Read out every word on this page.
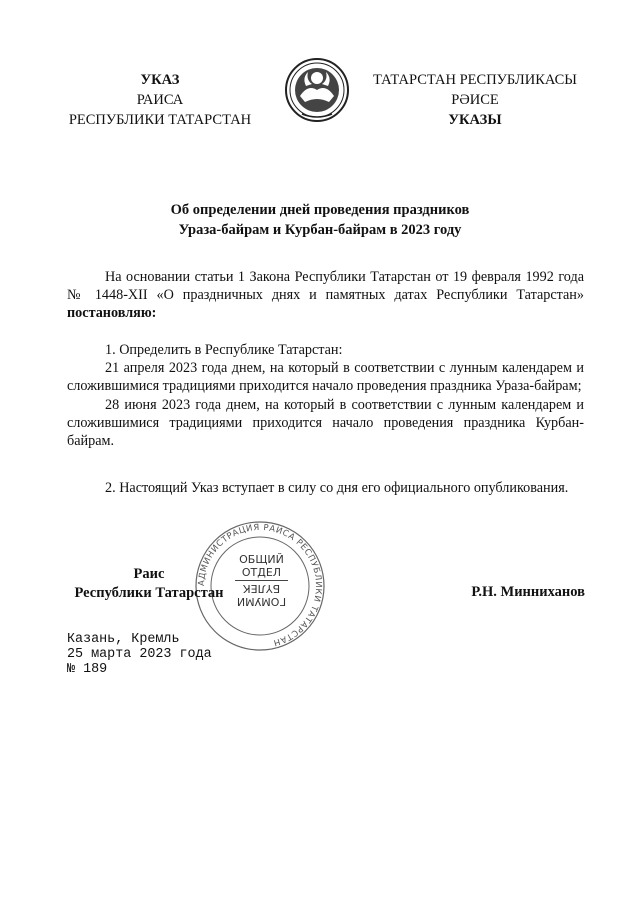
УКАЗ
РАИСА
РЕСПУБЛИКИ ТАТАРСТАН
ТАТАРСТАН РЕСПУБЛИКАСЫ
РӘИСЕ
УКАЗЫ
Об определении дней проведения праздников
Ураза-байрам и Курбан-байрам в 2023 году

На основании статьи 1 Закона Республики Татарстан от 19 февраля 1992 года № 1448-XII «О праздничных днях и памятных датах Республики Татарстан» постановляю:

1. Определить в Республике Татарстан:

21 апреля 2023 года днем, на который в соответствии с лунным календарем и сложившимися традициями приходится начало проведения праздника Ураза-байрам;

28 июня 2023 года днем, на который в соответствии с лунным календарем и сложившимися традициями приходится начало проведения праздника Курбан-байрам.

2. Настоящий Указ вступает в силу со дня его официального опубликования.

АДМИНИСТРАЦИЯ РАИСА РЕСПУБЛИКИ ТАТАРСТАН
ОБЩИЙ
ОТДЕЛ
БҮЛЕК
ГОМУМИ
Раис
Республики Татарстан	Р.Н. Минниханов
Казань, Кремль
25 марта 2023 года
№ 189
